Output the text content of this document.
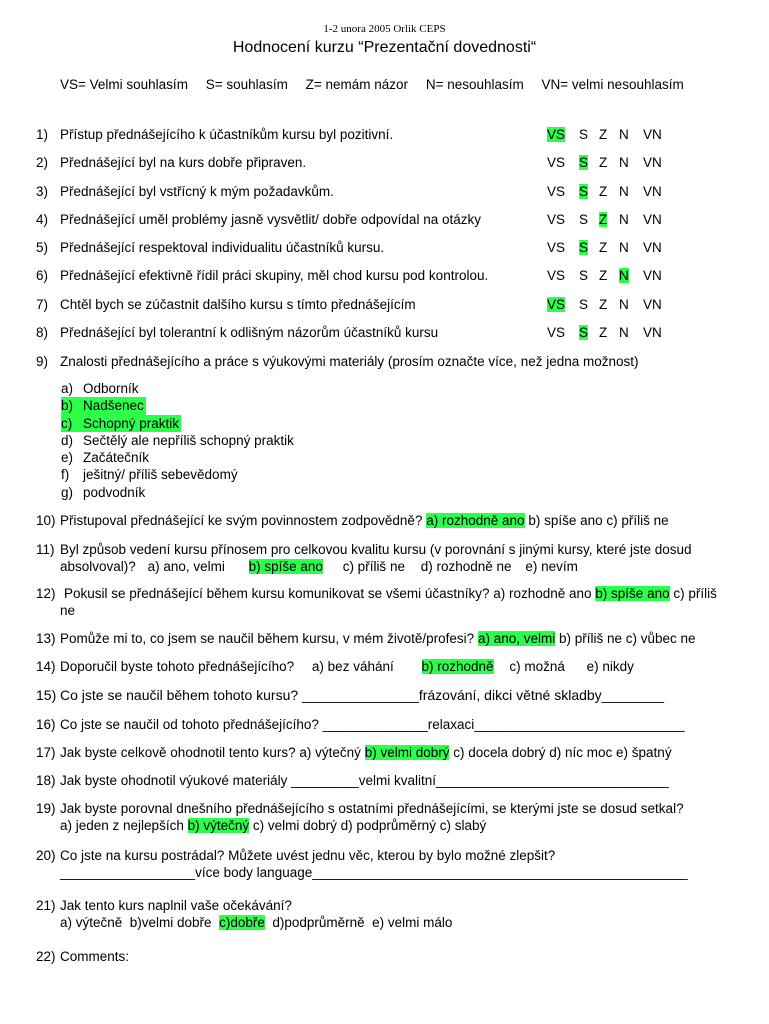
1-2 unora 2005 Orlik CEPS
Hodnocení kurzu “Prezentační dovednosti“
VS= Velmi souhlasím S= souhlasím Z= nemám názor N= nesouhlasím VN= velmi nesouhlasím
1) Přístup přednášejícího k účastníkům kursu byl pozitivní.	VS S Z N VN
2) Přednášející byl na kurs dobře připraven.	VS S Z N VN
3) Přednášející byl vstřícný k mým požadavkům.	VS S Z N VN
4) Přednášející uměl problémy jasně vysvětlit/ dobře odpovídal na otázky	VS S Z N VN
5) Přednášející respektoval individualitu účastníků kursu.	VS S Z N VN
6) Přednášející efektivně řídil práci skupiny, měl chod kursu pod kontrolou.	VS S Z N VN
7) Chtěl bych se zúčastnit dalšího kursu s tímto přednášejícím	VS S Z N VN
8) Přednášející byl tolerantní k odlišným názorům účastníků kursu	VS S Z N VN
9) Znalosti přednášejícího a práce s výukovými materiály (prosím označte více, než jedna možnost)
a) Odborník
b) Nadšenec
c) Schopný praktik
d) Sečtělý ale nepříliš schopný praktik
e) Začátečník
f) ješitný/ příliš sebevědomý
g) podvodník
10) Přistupoval přednášející ke svým povinnostem zodpovědně? a) rozhodně ano b) spíše ano c) příliš ne
11) Byl způsob vedení kursu přínosem pro celkovou kvalitu kursu (v porovnání s jinými kursy, které jste dosud
absolvoval)? a) ano, velmi b) spíše ano c) příliš ne d) rozhodně ne e) nevím
12) Pokusil se přednášející během kursu komunikovat se všemi účastníky? a) rozhodně ano b) spíše ano c) příliš
ne
13) Pomůže mi to, co jsem se naučil během kursu, v mém životě/profesi? a) ano, velmi b) příliš ne c) vůbec ne
14) Doporučil byste tohoto přednášejícího? a) bez váhání b) rozhodně c) možná e) nikdy
15) Co jste se naučil během tohoto kursu? _______________frázování, dikci větné skladby________
16) Co jste se naučil od tohoto přednášejícího? ______________relaxaci____________________________
17) Jak byste celkově ohodnotil tento kurs? a) výtečný b) velmi dobrý c) docela dobrý d) níc moc e) špatný
18) Jak byste ohodnotil výukové materiály _________velmi kvalitní_______________________________
19) Jak byste porovnal dnešního přednášejícího s ostatními přednášejícími, se kterými jste se dosud setkal?
a) jeden z nejlepších b) výtečný c) velmi dobrý d) podprůměrný c) slabý
20) Co jste na kursu postrádal? Můžete uvést jednu věc, kterou by bylo možné zlepšit?
__________________více body language__________________________________________________
21) Jak tento kurs naplnil vaše očekávání?
a) výtečně  b)velmi dobře  c)dobře  d)podprůměrně  e) velmi málo
22) Comments:
